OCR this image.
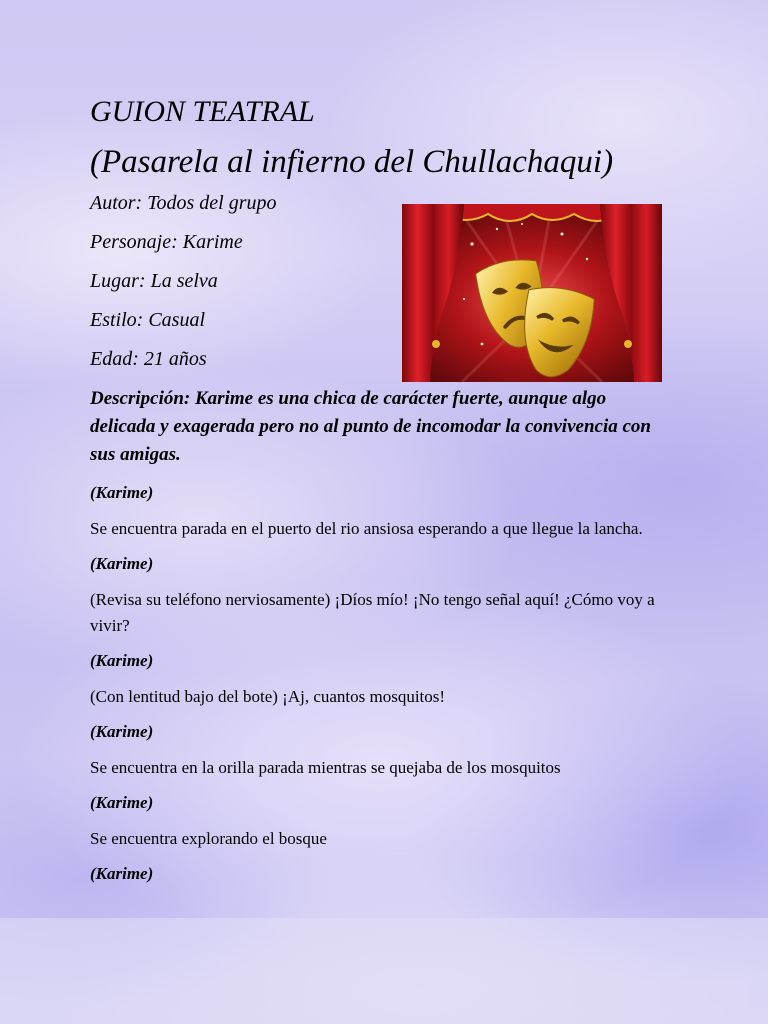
GUION TEATRAL
(Pasarela al infierno del Chullachaqui)

Autor: Todos del grupo

Personaje: Karime

Lugar: La selva

Estilo: Casual

Edad: 21 años

Descripción: Karime es una chica de carácter fuerte, aunque algo delicada y exagerada pero no al punto de incomodar la convivencia con sus amigas.

(Karime)

Se encuentra parada en el puerto del rio ansiosa esperando a que llegue la lancha.

(Karime)

(Revisa su teléfono nerviosamente) ¡Díos mío! ¡No tengo señal aquí! ¿Cómo voy a vivir?

(Karime)

(Con lentitud bajo del bote) ¡Aj, cuantos mosquitos!

(Karime)

Se encuentra en la orilla parada mientras se quejaba de los mosquitos

(Karime)

Se encuentra explorando el bosque

(Karime)
